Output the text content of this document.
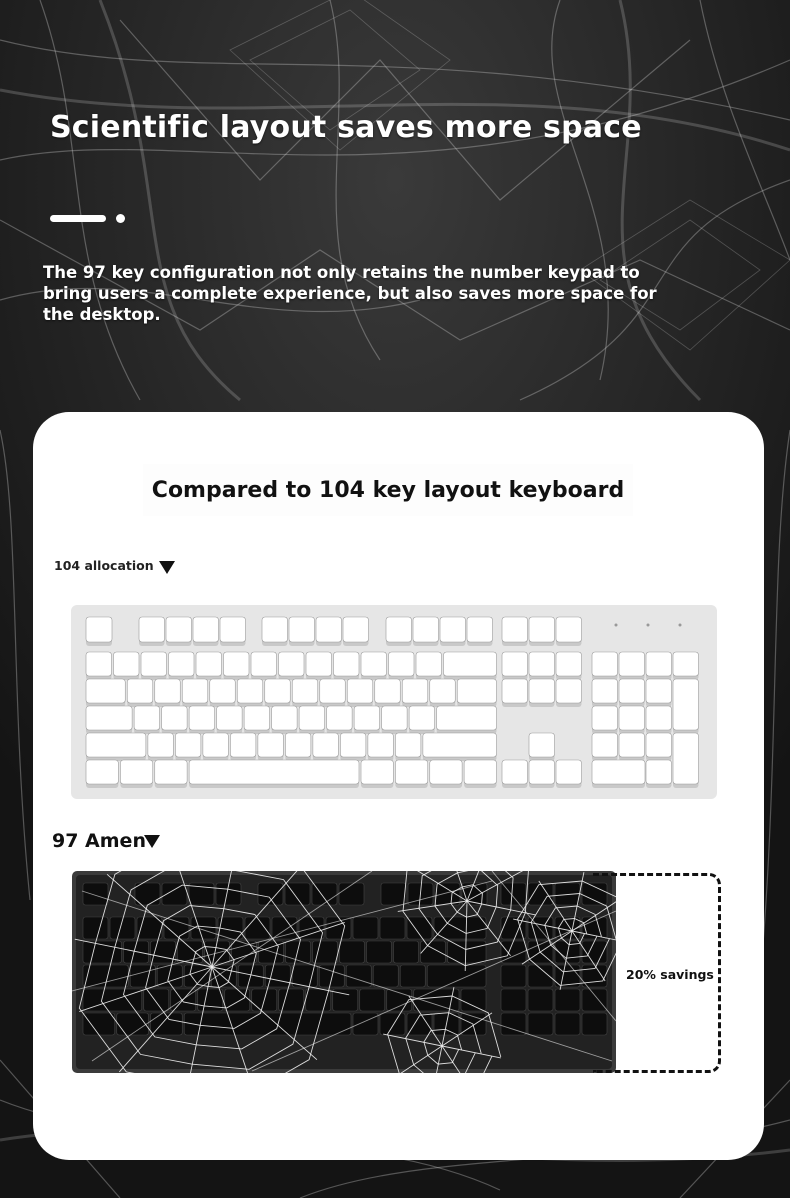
Scientific layout saves more space
The 97 key configuration not only retains the number keypad to bring users a complete experience, but also saves more space for the desktop.
Compared to 104 key layout keyboard
104 allocation
97 Amen
20% savings
